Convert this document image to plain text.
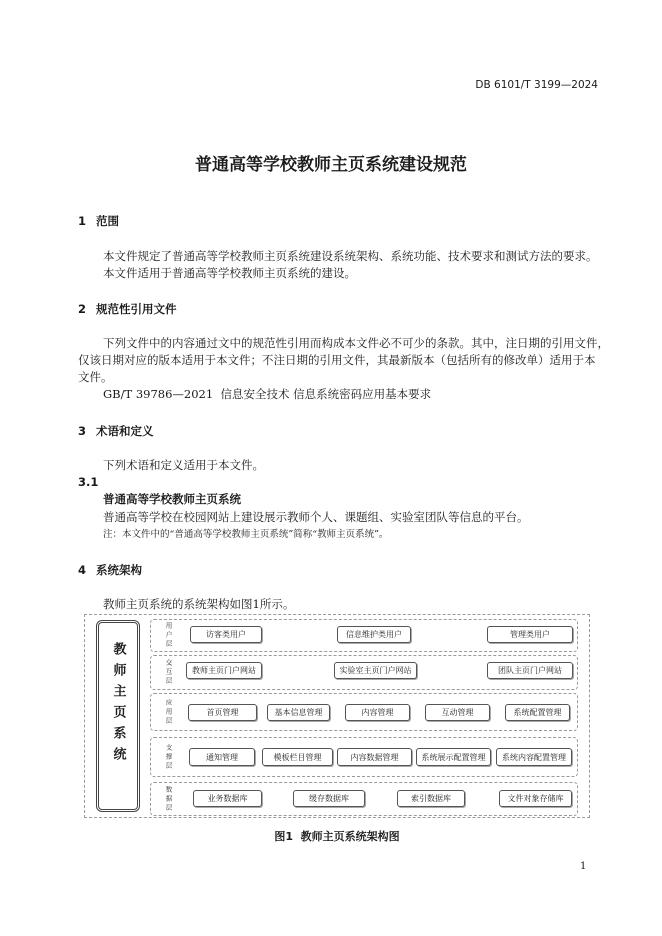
DB 6101/T 3199—2024
普通高等学校教师主页系统建设规范
1 范围
本文件规定了普通高等学校教师主页系统建设系统架构、系统功能、技术要求和测试方法的要求。
本文件适用于普通高等学校教师主页系统的建设。
2 规范性引用文件
下列文件中的内容通过文中的规范性引用而构成本文件必不可少的条款。其中，注日期的引用文件，
仅该日期对应的版本适用于本文件；不注日期的引用文件，其最新版本（包括所有的修改单）适用于本
文件。
GB/T 39786—2021  信息安全技术 信息系统密码应用基本要求
3 术语和定义
下列术语和定义适用于本文件。
3.1
普通高等学校教师主页系统
普通高等学校在校园网站上建设展示教师个人、课题组、实验室团队等信息的平台。
注：本文件中的“普通高等学校教师主页系统”简称“教师主页系统”。
4 系统架构
教师主页系统的系统架构如图1所示。
教师主页系统
用户层	访客类用户	信息维护类用户	管理类用户
交互层	教师主页门户网站	实验室主页门户网站	团队主页门户网站
应用层	首页管理	基本信息管理	内容管理	互动管理	系统配置管理
支撑层	通知管理	模板栏目管理	内容数据管理	系统展示配置管理	系统内容配置管理
数据层	业务数据库	缓存数据库	索引数据库	文件对象存储库
图1  教师主页系统架构图
1
